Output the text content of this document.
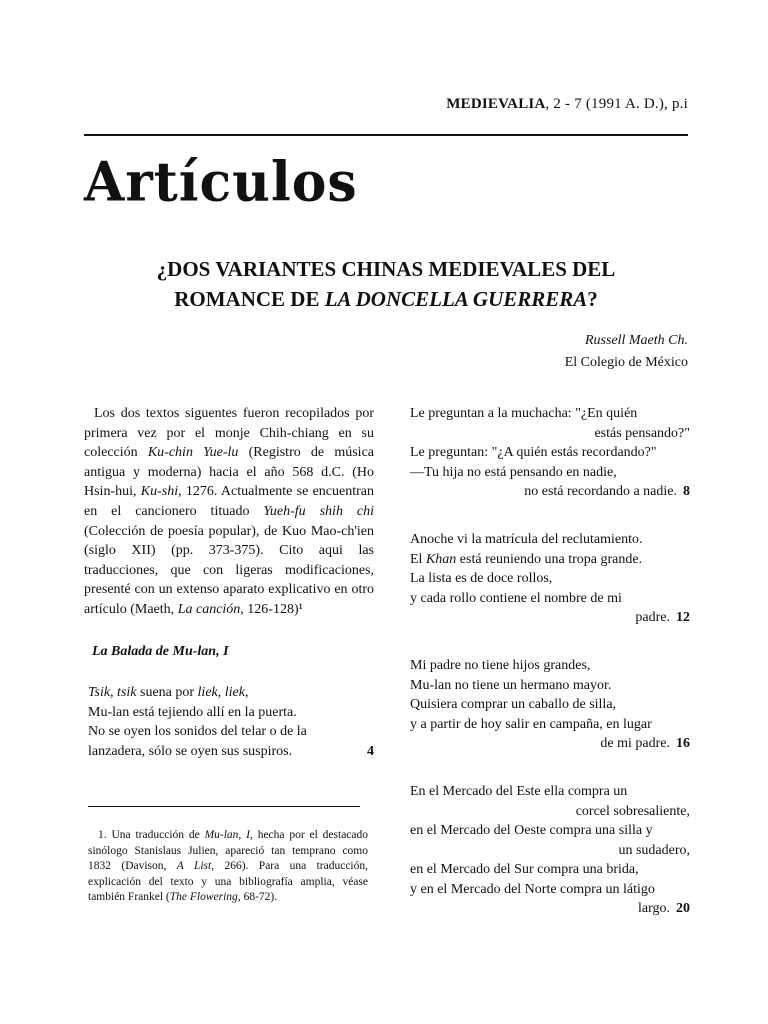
MEDIEVALIA, 2 - 7 (1991 A. D.), p.i
Artículos
¿DOS VARIANTES CHINAS MEDIEVALES DEL
ROMANCE DE LA DONCELLA GUERRERA?
Russell Maeth Ch.
El Colegio de México

Los dos textos siguentes fueron recopilados por primera vez por el monje Chih-chiang en su colección Ku-chin Yue-lu (Registro de música antigua y moderna) hacia el año 568 d.C. (Ho Hsin-hui, Ku-shi, 1276. Actualmente se encuentran en el cancionero tituado Yueh-fu shih chi (Colección de poesía popular), de Kuo Mao-ch'ien (siglo XII) (pp. 373-375). Cito aqui las traducciones, que con ligeras modificaciones, presenté con un extenso aparato explicativo en otro artículo (Maeth, La canción, 126-128)¹

La Balada de Mu-lan, I
Tsik, tsik suena por liek, liek,
Mu-lan está tejiendo allí en la puerta.
No se oyen los sonidos del telar o de la
lanzadera, sólo se oyen sus suspiros.	4
1. Una traducción de Mu-lan, I, hecha por el destacado sinólogo Stanislaus Julien, apareció tan temprano como 1832 (Davison, A List, 266). Para una traducción, explicación del texto y una bibliografía amplia, véase también Frankel (The Flowering, 68-72).
Le preguntan a la muchacha: "¿En quién
estás pensando?"
Le preguntan: "¿A quién estás recordando?"
—Tu hija no está pensando en nadie,
no está recordando a nadie. 8
Anoche vi la matrícula del reclutamiento.
El Khan está reuniendo una tropa grande.
La lista es de doce rollos,
y cada rollo contiene el nombre de mi
padre. 12
Mi padre no tiene hijos grandes,
Mu-lan no tiene un hermano mayor.
Quisiera comprar un caballo de silla,
y a partir de hoy salir en campaña, en lugar
de mi padre. 16
En el Mercado del Este ella compra un
corcel sobresaliente,
en el Mercado del Oeste compra una silla y
un sudadero,
en el Mercado del Sur compra una brida,
y en el Mercado del Norte compra un látigo
largo. 20
